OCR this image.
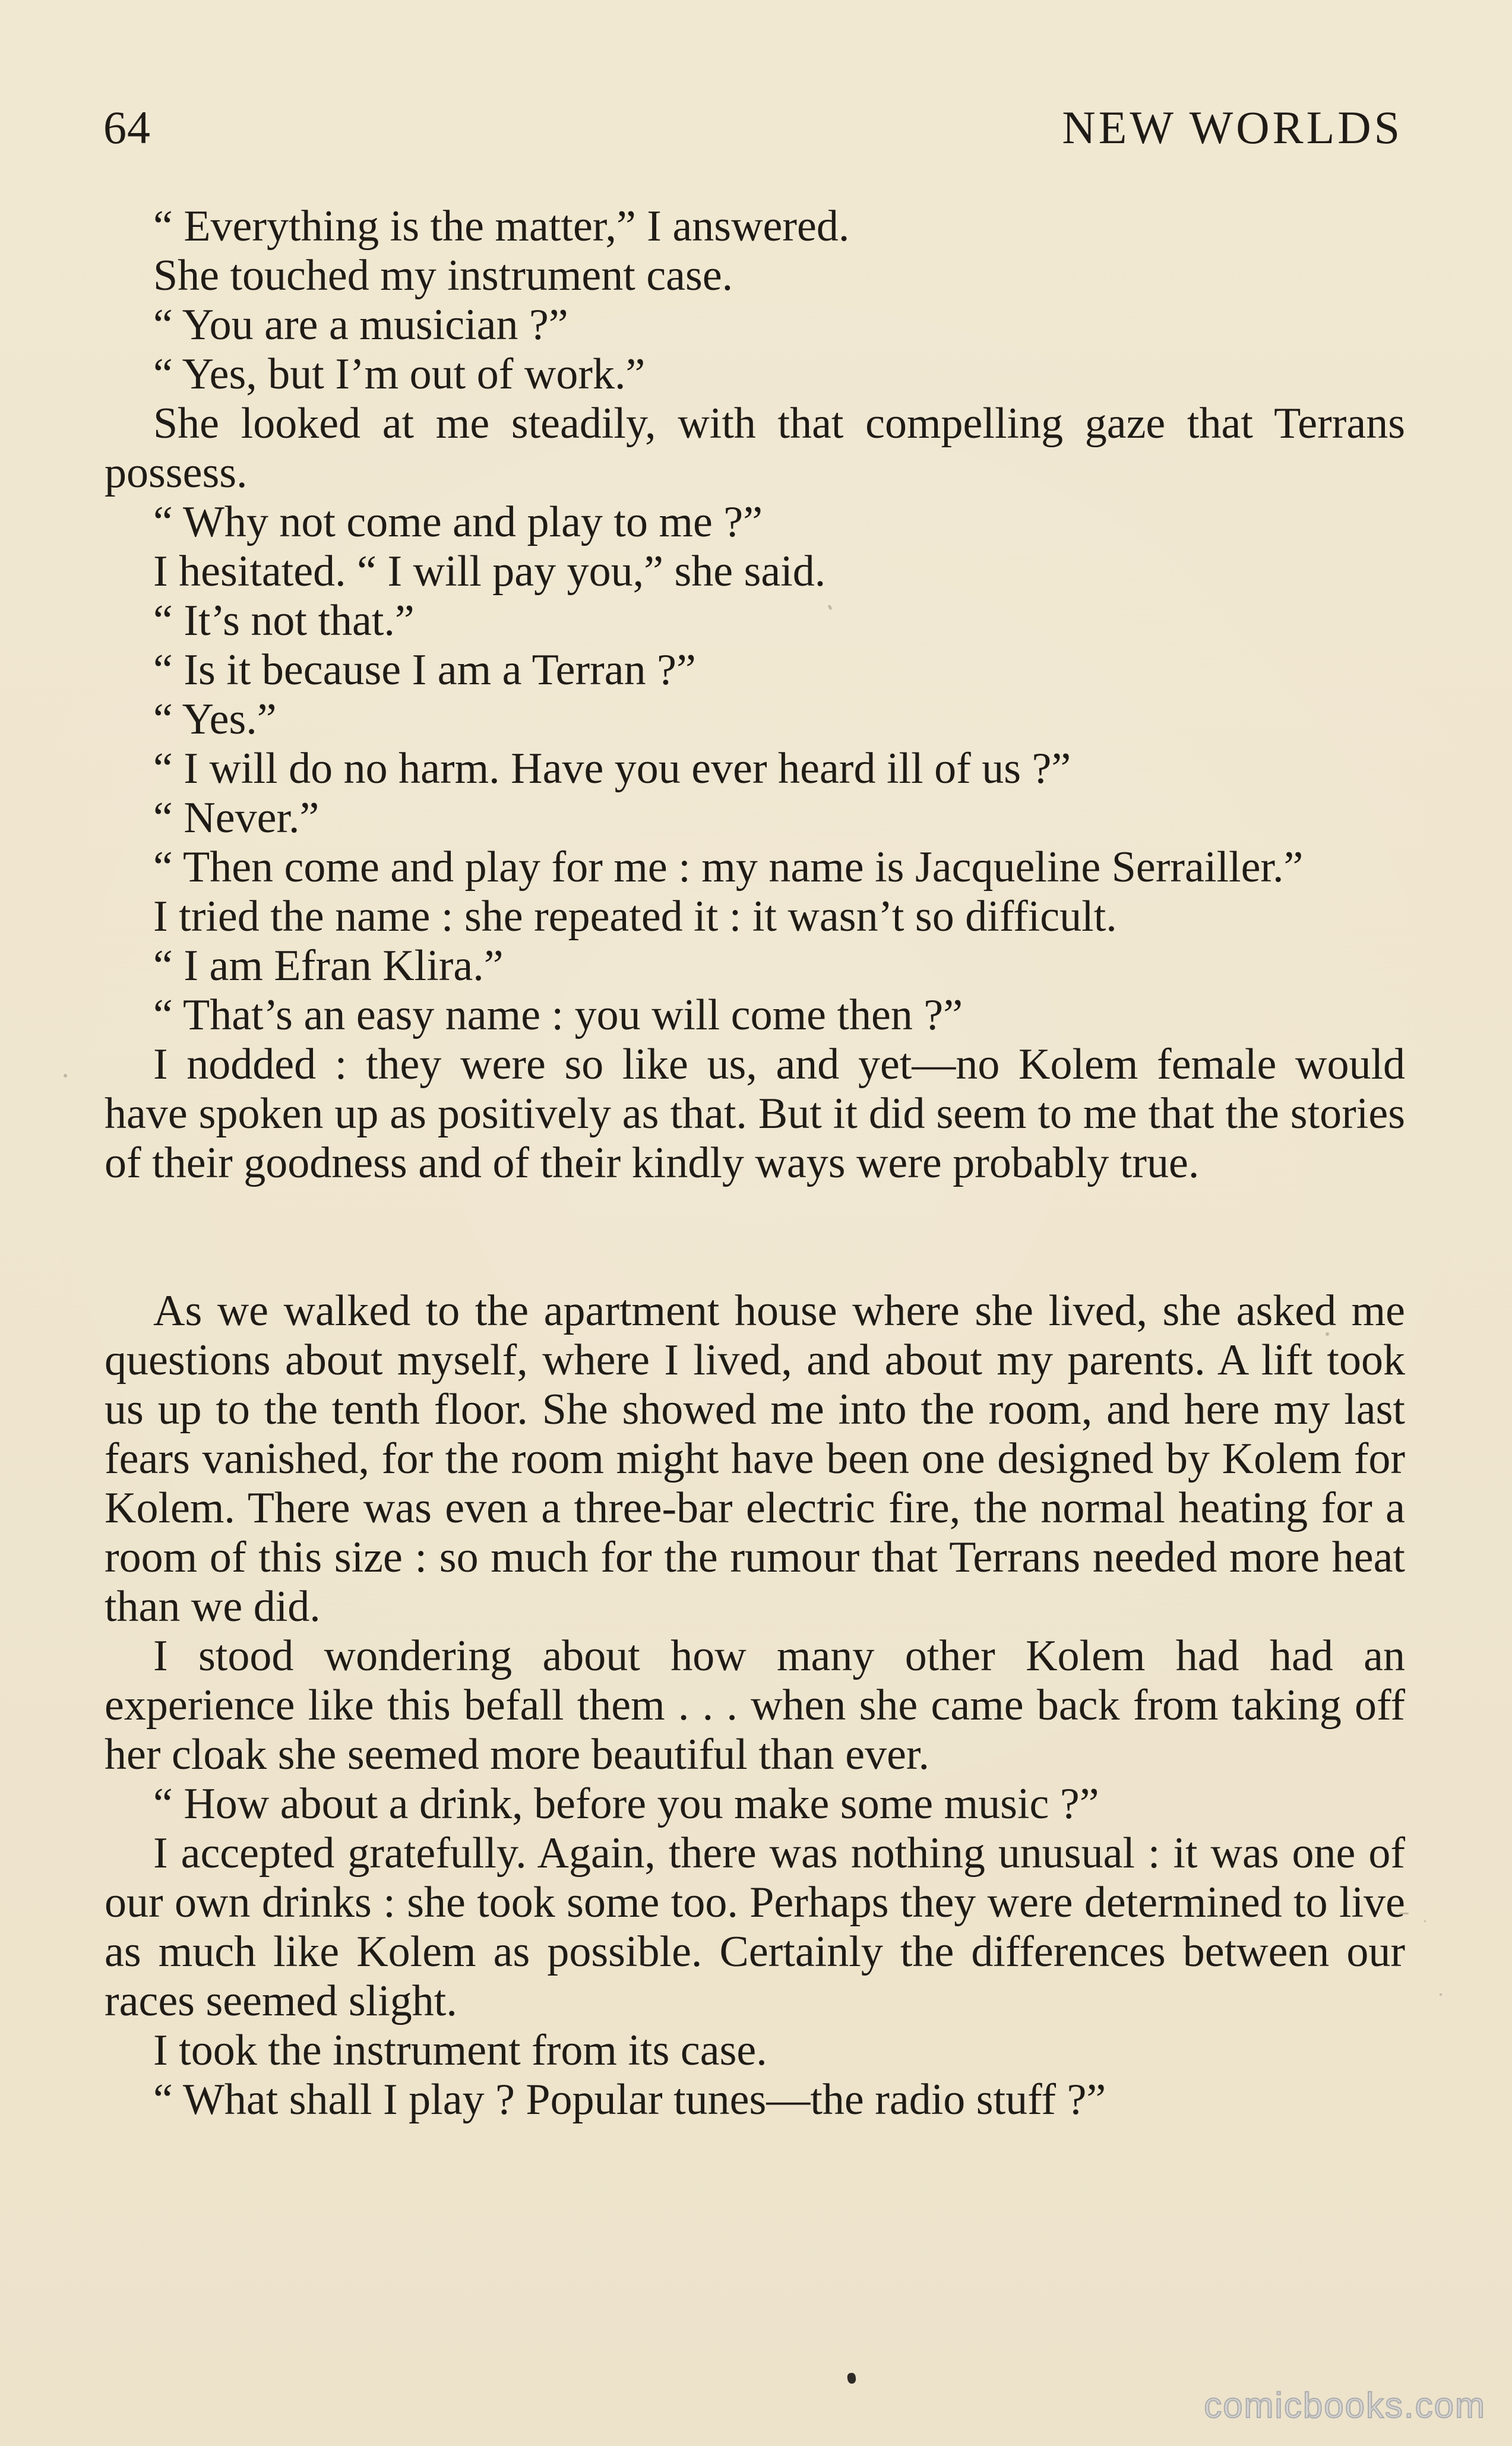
64	NEW WORLDS

“ Everything is the matter,” I answered.

She touched my instrument case.

“ You are a musician ?”

“ Yes, but I’m out of work.”

She looked at me steadily, with that compelling gaze that Terrans possess.

“ Why not come and play to me ?”

I hesitated. “ I will pay you,” she said.

“ It’s not that.”

“ Is it because I am a Terran ?”

“ Yes.”

“ I will do no harm. Have you ever heard ill of us ?”

“ Never.”

“ Then come and play for me : my name is Jacqueline Serrailler.”

I tried the name : she repeated it : it wasn’t so difficult.

“ I am Efran Klira.”

“ That’s an easy name : you will come then ?”

I nodded : they were so like us, and yet—no Kolem female would have spoken up as positively as that. But it did seem to me that the stories of their goodness and of their kindly ways were probably true.

As we walked to the apartment house where she lived, she asked me questions about myself, where I lived, and about my parents. A lift took us up to the tenth floor. She showed me into the room, and here my last fears vanished, for the room might have been one designed by Kolem for Kolem. There was even a three-bar electric fire, the normal heating for a room of this size : so much for the rumour that Terrans needed more heat than we did.

I stood wondering about how many other Kolem had had an experience like this befall them . . . when she came back from taking off her cloak she seemed more beautiful than ever.

“ How about a drink, before you make some music ?”

I accepted gratefully. Again, there was nothing unusual : it was one of our own drinks : she took some too. Perhaps they were determined to live as much like Kolem as possible. Certainly the differences between our races seemed slight.

I took the instrument from its case.

“ What shall I play ? Popular tunes—the radio stuff ?”

comicbooks.com
